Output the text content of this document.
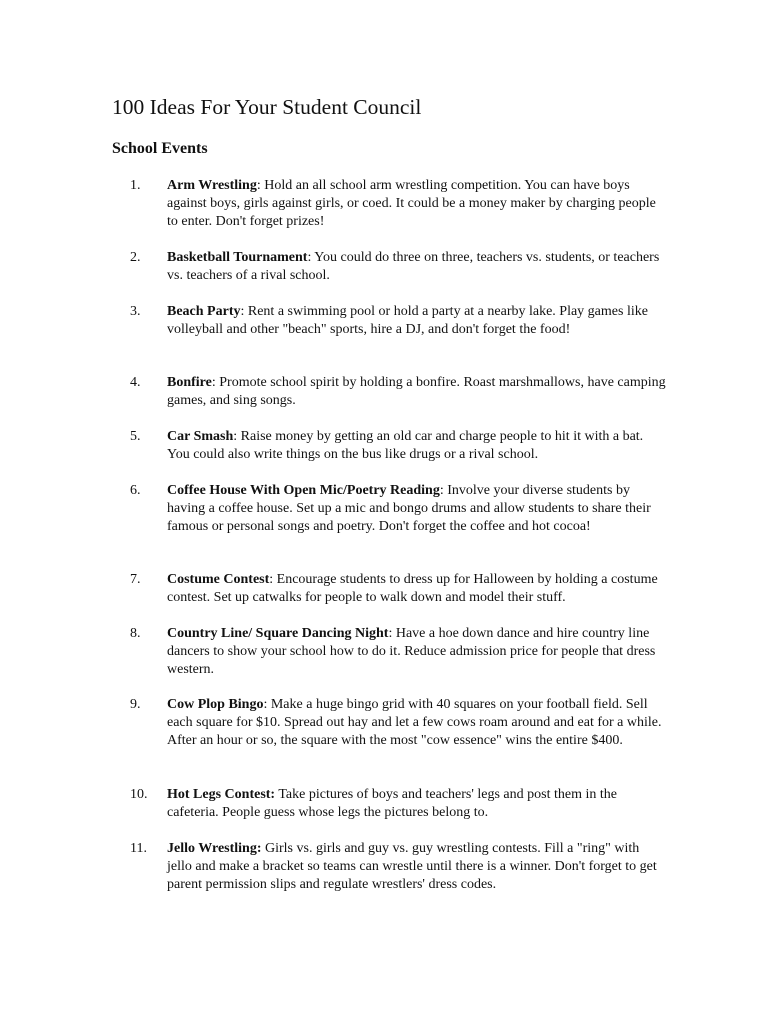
100 Ideas For Your Student Council
School Events
1.	Arm Wrestling: Hold an all school arm wrestling competition. You can have boys against boys, girls against girls, or coed. It could be a money maker by charging people to enter. Don't forget prizes!
2.	Basketball Tournament: You could do three on three, teachers vs. students, or teachers vs. teachers of a rival school.
3.	Beach Party: Rent a swimming pool or hold a party at a nearby lake. Play games like volleyball and other "beach" sports, hire a DJ, and don't forget the food!
4.	Bonfire: Promote school spirit by holding a bonfire. Roast marshmallows, have camping games, and sing songs.
5.	Car Smash: Raise money by getting an old car and charge people to hit it with a bat. You could also write things on the bus like drugs or a rival school.
6.	Coffee House With Open Mic/Poetry Reading: Involve your diverse students by having a coffee house. Set up a mic and bongo drums and allow students to share their famous or personal songs and poetry. Don't forget the coffee and hot cocoa!
7.	Costume Contest: Encourage students to dress up for Halloween by holding a costume contest. Set up catwalks for people to walk down and model their stuff.
8.	Country Line/ Square Dancing Night: Have a hoe down dance and hire country line dancers to show your school how to do it. Reduce admission price for people that dress western.
9.	Cow Plop Bingo: Make a huge bingo grid with 40 squares on your football field. Sell each square for $10. Spread out hay and let a few cows roam around and eat for a while. After an hour or so, the square with the most "cow essence" wins the entire $400.
10.	Hot Legs Contest: Take pictures of boys and teachers' legs and post them in the cafeteria. People guess whose legs the pictures belong to.
11.	Jello Wrestling: Girls vs. girls and guy vs. guy wrestling contests. Fill a "ring" with jello and make a bracket so teams can wrestle until there is a winner. Don't forget to get parent permission slips and regulate wrestlers' dress codes.
